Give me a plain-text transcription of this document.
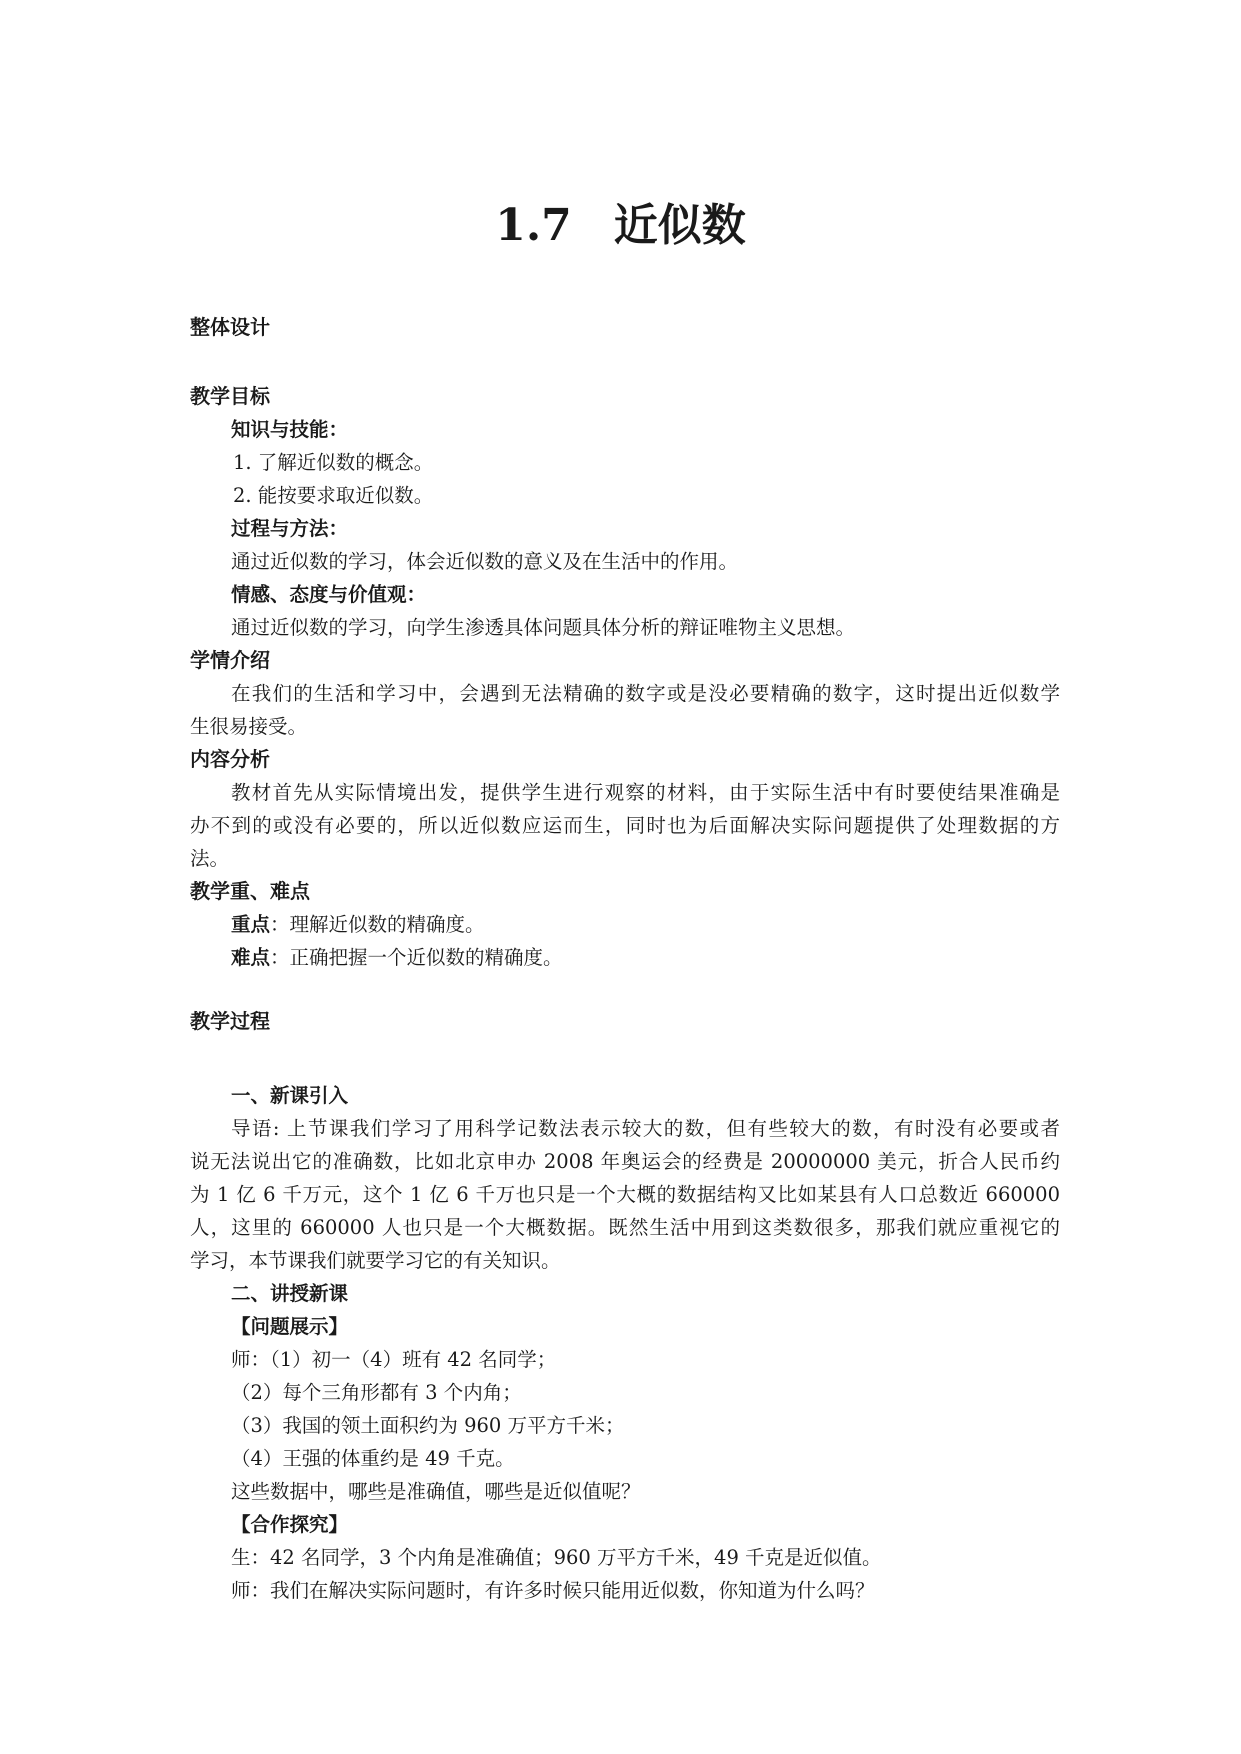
1.7 近似数

整体设计

教学目标

知识与技能：

1. 了解近似数的概念。

2. 能按要求取近似数。

过程与方法：

通过近似数的学习，体会近似数的意义及在生活中的作用。

情感、态度与价值观：

通过近似数的学习，向学生渗透具体问题具体分析的辩证唯物主义思想。

学情介绍

在我们的生活和学习中，会遇到无法精确的数字或是没必要精确的数字，这时提出近似数学

生很易接受。

内容分析

教材首先从实际情境出发，提供学生进行观察的材料，由于实际生活中有时要使结果准确是

办不到的或没有必要的，所以近似数应运而生，同时也为后面解决实际问题提供了处理数据的方

法。

教学重、难点

重点：理解近似数的精确度。

难点：正确把握一个近似数的精确度。

教学过程

一、新课引入

导语: 上节课我们学习了用科学记数法表示较大的数，但有些较大的数，有时没有必要或者

说无法说出它的准确数，比如北京申办 2008 年奥运会的经费是 20000000 美元，折合人民币约

为 1 亿 6 千万元，这个 1 亿 6 千万也只是一个大概的数据结构又比如某县有人口总数近 660000

人，这里的 660000 人也只是一个大概数据。既然生活中用到这类数很多，那我们就应重视它的

学习，本节课我们就要学习它的有关知识。

二、讲授新课

【问题展示】

师：（1）初一（4）班有 42 名同学；

（2）每个三角形都有 3 个内角；

（3）我国的领土面积约为 960 万平方千米；

（4）王强的体重约是 49 千克。

这些数据中，哪些是准确值，哪些是近似值呢？

【合作探究】

生：42 名同学，3 个内角是准确值；960 万平方千米，49 千克是近似值。

师：我们在解决实际问题时，有许多时候只能用近似数，你知道为什么吗？
